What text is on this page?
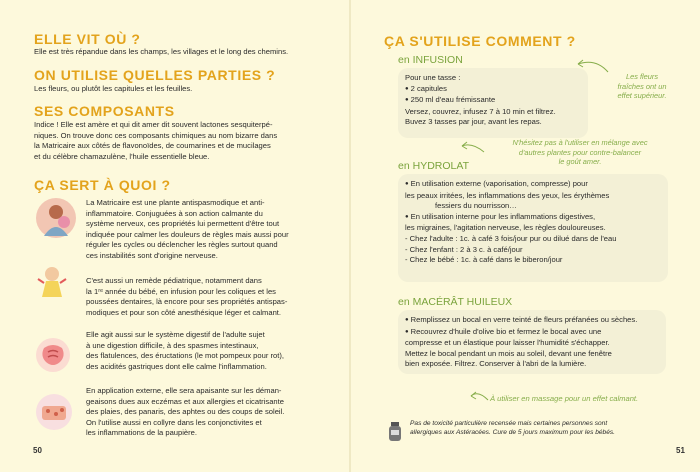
ELLE VIT OÙ ?
Elle est très répandue dans les champs, les villages et le long des chemins.
ON UTILISE QUELLES PARTIES ?
Les fleurs, ou plutôt les capitules et les feuilles.
SES COMPOSANTS
Indice ! Elle est amère et qui dit amer dit souvent lactones sesquiterpé-
niques. On trouve donc ces composants chimiques au nom bizarre dans
la Matricaire aux côtés de flavonoïdes, de coumarines et de mucilages
et du célèbre chamazulène, l'huile essentielle bleue.
ÇA SERT À QUOI ?
La Matricaire est une plante antispasmodique et anti-
inflammatoire. Conjuguées à son action calmante du
système nerveux, ces propriétés lui permettent d'être tout
indiquée pour calmer les douleurs de règles mais aussi pour
réguler les cycles ou déclencher les règles surtout quand
ces instabilités sont d'origine nerveuse.
C'est aussi un remède pédiatrique, notamment dans
la 1ʳᵉ année du bébé, en infusion pour les coliques et les
poussées dentaires, là encore pour ses propriétés antispas-
modiques et pour son côté anesthésique léger et calmant.
Elle agit aussi sur le système digestif de l'adulte sujet
à une digestion difficile, à des spasmes intestinaux,
des flatulences, des éructations (le mot pompeux pour rot),
des acidités gastriques dont elle calme l'inflammation.
En application externe, elle sera apaisante sur les déman-
geaisons dues aux eczémas et aux allergies et cicatrisante
des plaies, des panaris, des aphtes ou des coups de soleil.
On l'utilise aussi en collyre dans les conjonctivites et
les inflammations de la paupière.
50
ÇA S'UTILISE COMMENT ?
en INFUSION
Pour une tasse :
● 2 capitules
● 250 ml d'eau frémissante
Versez, couvrez, infusez 7 à 10 min et filtrez.
Buvez 3 tasses par jour, avant les repas.
Les fleurs
fraîches ont un
effet supérieur.
N'hésitez pas à l'utiliser en mélange avec
d'autres plantes pour contre-balancer
le goût amer.
en HYDROLAT
● En utilisation externe (vaporisation, compresse) pour
les peaux irritées, les inflammations des yeux, les érythèmes
fessiers du nourrisson…
● En utilisation interne pour les inflammations digestives,
les migraines, l'agitation nerveuse, les règles douloureuses.
- Chez l'adulte : 1c. à café 3 fois/jour pur ou dilué dans de l'eau
- Chez l'enfant : 2 à 3 c. à café/jour
- Chez le bébé : 1c. à café dans le biberon/jour
en MACÉRÂT HUILEUX
● Remplissez un bocal en verre teinté de fleurs préfanées ou sèches.
● Recouvrez d'huile d'olive bio et fermez le bocal avec une
compresse et un élastique pour laisser l'humidité s'échapper.
Mettez le bocal pendant un mois au soleil, devant une fenêtre
bien exposée. Filtrez. Conserver à l'abri de la lumière.
À utiliser en massage pour un effet calmant.
Pas de toxicité particulière recensée mais certaines personnes sont
allergiques aux Astéracées. Cure de 5 jours maximum pour les bébés.
51
